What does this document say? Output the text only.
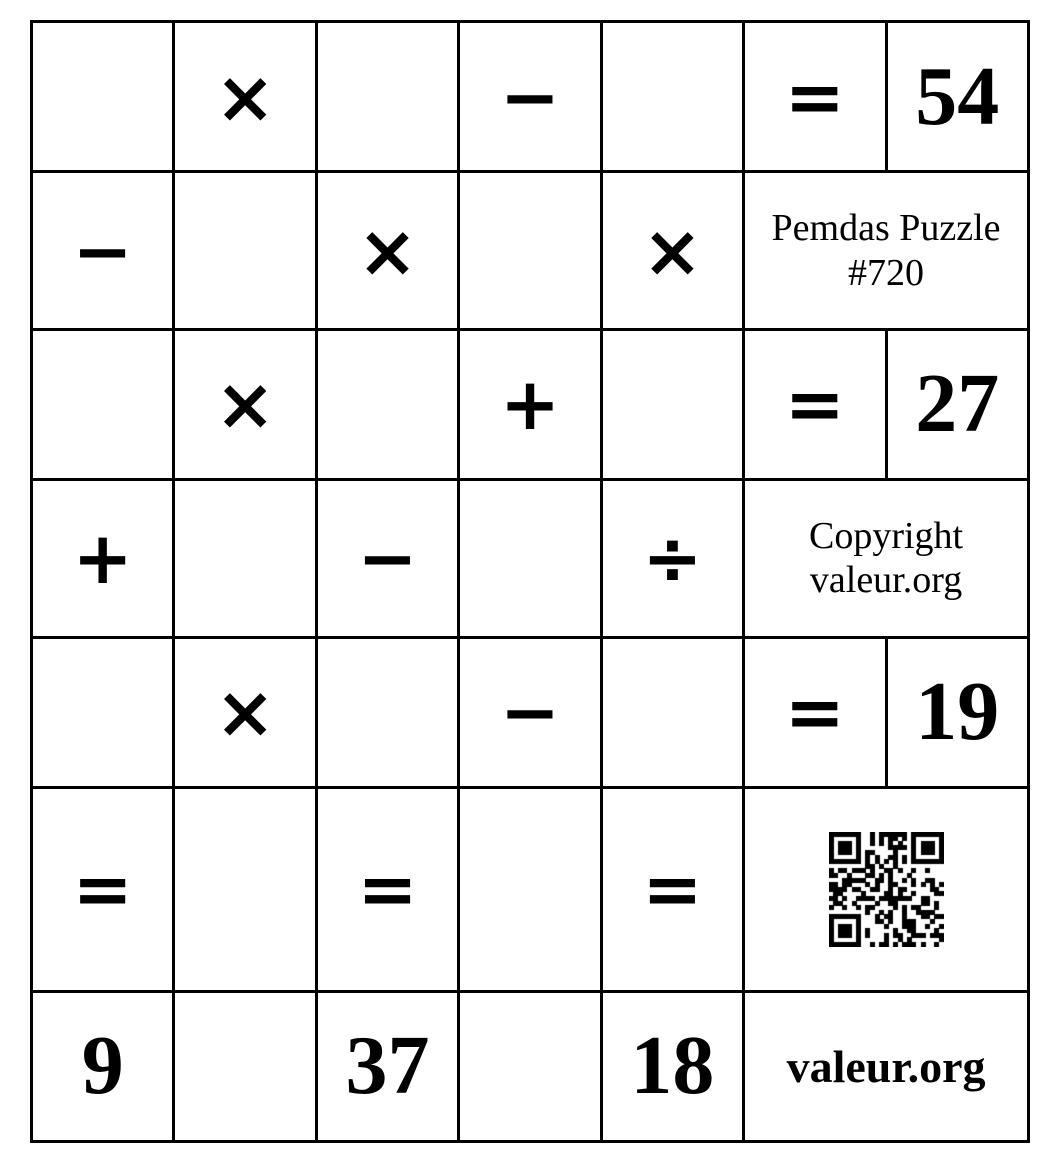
	×		−		=	54
−		×		×	Pemdas Puzzle
#720	

	×		+		=	27
+		−		÷	Copyright
valeur.org	

	×		−		=	19
=		=		=	

9		37		18	valeur.org	
